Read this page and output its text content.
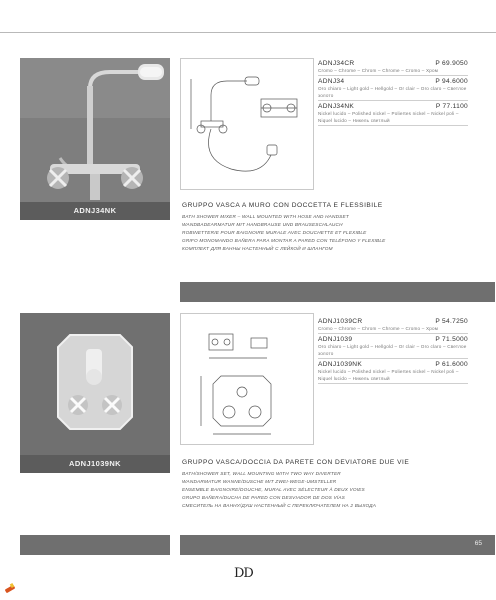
ADNJ34NK
ADNJ34CR	P 69.9050
Cromo – Chrome – Chrom – Chrome – Cromo – Хром
ADNJ34	P 94.6000
Oro chiaro – Light gold – Hellgold – Or clair – Oro claro – Светлое золото
ADNJ34NK	P 77.1100
Nickel lucido – Polished nickel – Poliertes nickel – Nickel poli – Niquel lucido – Никель светлый
GRUPPO VASCA A MURO CON DOCCETTA E FLESSIBILE
BATH SHOWER MIXER – WALL MOUNTED WITH HOSE AND HANDSET
WANDBADEARMATUR MIT HANDBRAUSE UND BRAUSESCHLAUCH
ROBINETTERIE POUR BAIGNOIRE MURALE AVEC DOUCHETTE ET FLEXIBLE
GRIFO MONOMANDO BAÑERA PARA MONTAR A PARED CON TELÉFONO Y FLEXIBLE
КОМПЛЕКТ ДЛЯ ВАННЫ НАСТЕННЫЙ С ЛЕЙКОЙ И ШЛАНГОМ
ADNJ1039NK
ADNJ1039CR	P 54.7250
Cromo – Chrome – Chrom – Chrome – Cromo – Хром
ADNJ1039	P 71.5000
Oro chiaro – Light gold – Hellgold – Or clair – Oro claro – Светлое золото
ADNJ1039NK	P 61.6000
Nickel lucido – Polished nickel – Poliertes nickel – Nickel poli – Niquel lucido – Никель светлый
GRUPPO VASCA/DOCCIA DA PARETE CON DEVIATORE DUE VIE
BATH/SHOWER SET, WALL MOUNTING WITH TWO WAY DIVERTER
WANDARMATUR WANNE/DUSCHE MIT ZWEI-WEGE-UMSTELLER
ENSEMBLE BAIGNOIRE/DOUCHE, MURAL AVEC SÉLECTEUR À DEUX VOIES
GRUPO BAÑERA/DUCHA DE PARED CON DESVIADOR DE DOS VÍAS
СМЕСИТЕЛЬ НА ВАННУ/ДУШ НАСТЕННЫЙ С ПЕРЕКЛЮЧАТЕЛЕМ НА 2 ВЫХОДА
65
DD
